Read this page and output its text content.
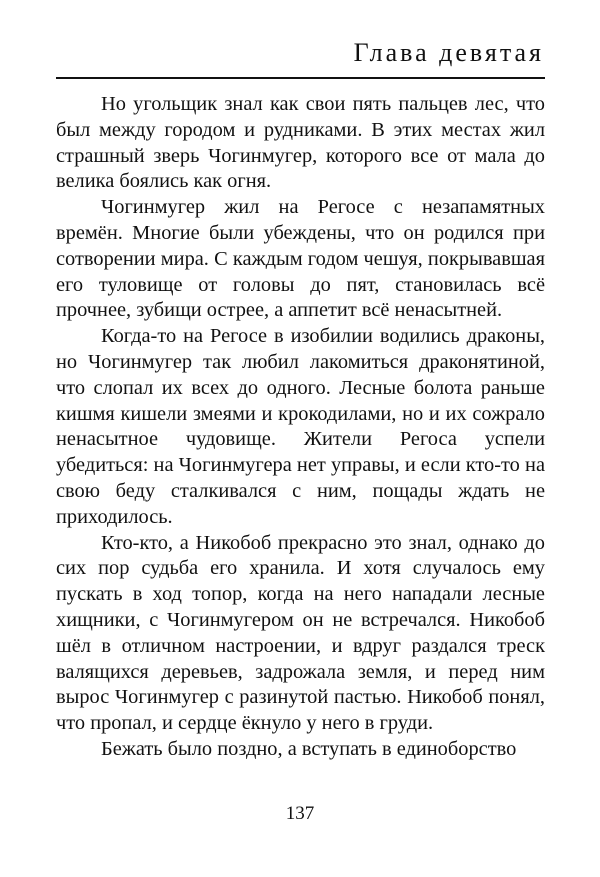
Глава девятая

Но угольщик знал как свои пять пальцев лес, что был между городом и рудниками. В этих местах жил страшный зверь Чогинмугер, которого все от мала до велика боялись как огня.

Чогинмугер жил на Регосе с незапамятных времён. Многие были убеждены, что он родился при сотворении мира. С каждым годом чешуя, покрывавшая его туловище от головы до пят, становилась всё прочнее, зубищи острее, а аппетит всё ненасытней.

Когда-то на Регосе в изобилии водились драконы, но Чогинмугер так любил лакомиться драконятиной, что слопал их всех до одного. Лесные болота раньше кишмя кишели змеями и крокодилами, но и их сожрало ненасытное чудовище. Жители Регоса успели убедиться: на Чогинмугера нет управы, и если кто-то на свою беду сталкивался с ним, пощады ждать не приходилось.

Кто-кто, а Никобоб прекрасно это знал, однако до сих пор судьба его хранила. И хотя случалось ему пускать в ход топор, когда на него нападали лесные хищники, с Чогинмугером он не встречался. Никобоб шёл в отличном настроении, и вдруг раздался треск валящихся деревьев, задрожала земля, и перед ним вырос Чогинмугер с разинутой пастью. Никобоб понял, что пропал, и сердце ёкнуло у него в груди.

Бежать было поздно, а вступать в единоборство

137
